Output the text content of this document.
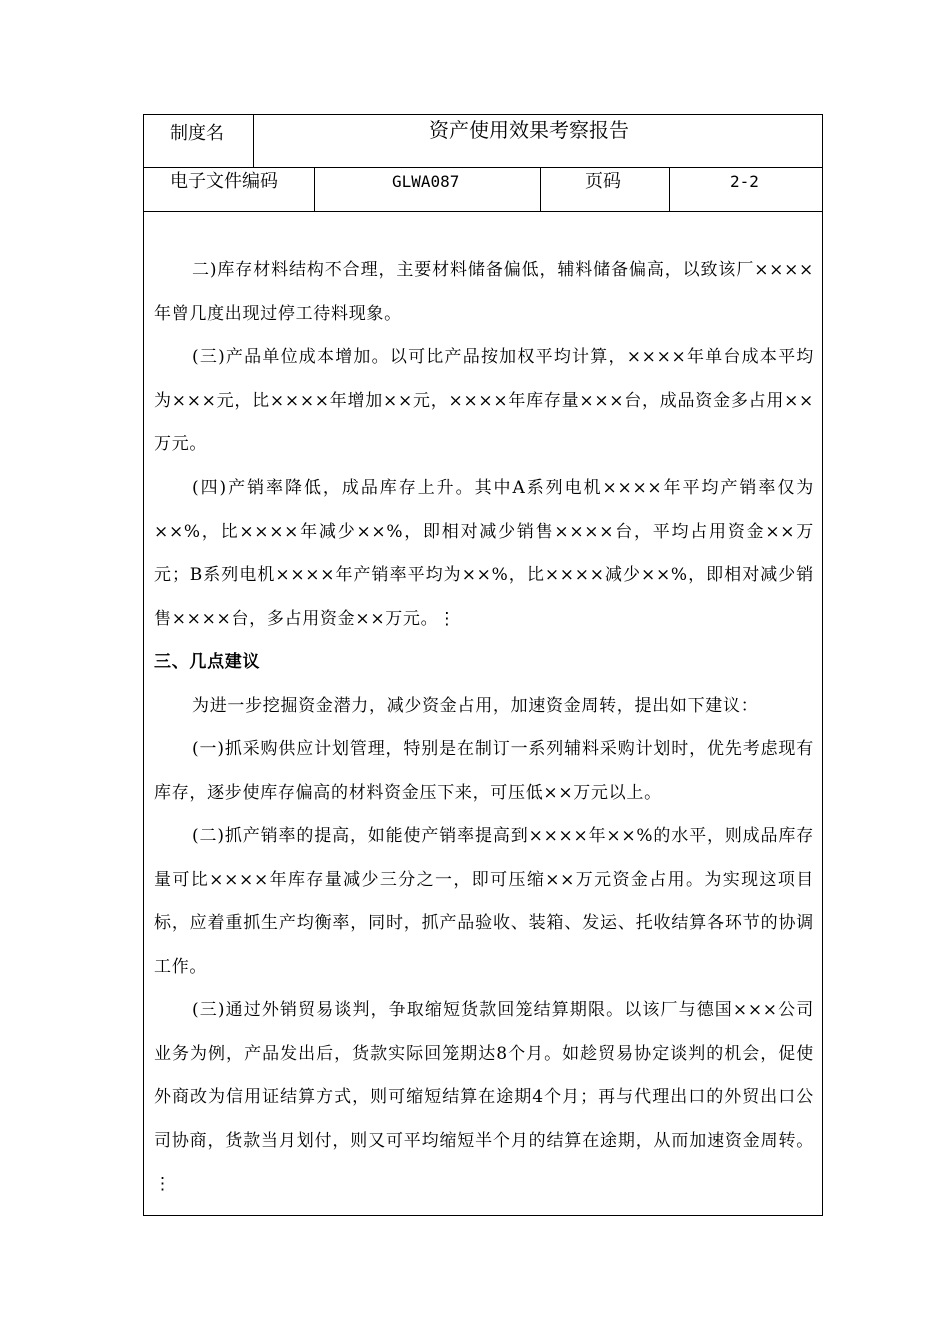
制度名	资产使用效果考察报告
电子文件编码	GLWA087	页码	2-2

二)库存材料结构不合理，主要材料储备偏低，辅料储备偏高，以致该厂××××年曾几度出现过停工待料现象。

(三)产品单位成本增加。以可比产品按加权平均计算，××××年单台成本平均为×××元，比××××年增加××元，××××年库存量×××台，成品资金多占用××万元。

(四)产销率降低，成品库存上升。其中A系列电机××××年平均产销率仅为××%，比××××年减少××%，即相对减少销售××××台，平均占用资金××万元；B系列电机××××年产销率平均为××%，比××××减少××%，即相对减少销售××××台，多占用资金××万元。⋮

三、几点建议

为进一步挖掘资金潜力，减少资金占用，加速资金周转，提出如下建议：

(一)抓采购供应计划管理，特别是在制订一系列辅料采购计划时，优先考虑现有库存，逐步使库存偏高的材料资金压下来，可压低××万元以上。

(二)抓产销率的提高，如能使产销率提高到××××年××%的水平，则成品库存量可比××××年库存量减少三分之一，即可压缩××万元资金占用。为实现这项目标，应着重抓生产均衡率，同时，抓产品验收、装箱、发运、托收结算各环节的协调工作。

(三)通过外销贸易谈判，争取缩短货款回笼结算期限。以该厂与德国×××公司业务为例，产品发出后，货款实际回笼期达8个月。如趁贸易协定谈判的机会，促使外商改为信用证结算方式，则可缩短结算在途期4个月；再与代理出口的外贸出口公司协商，货款当月划付，则又可平均缩短半个月的结算在途期，从而加速资金周转。⋮
